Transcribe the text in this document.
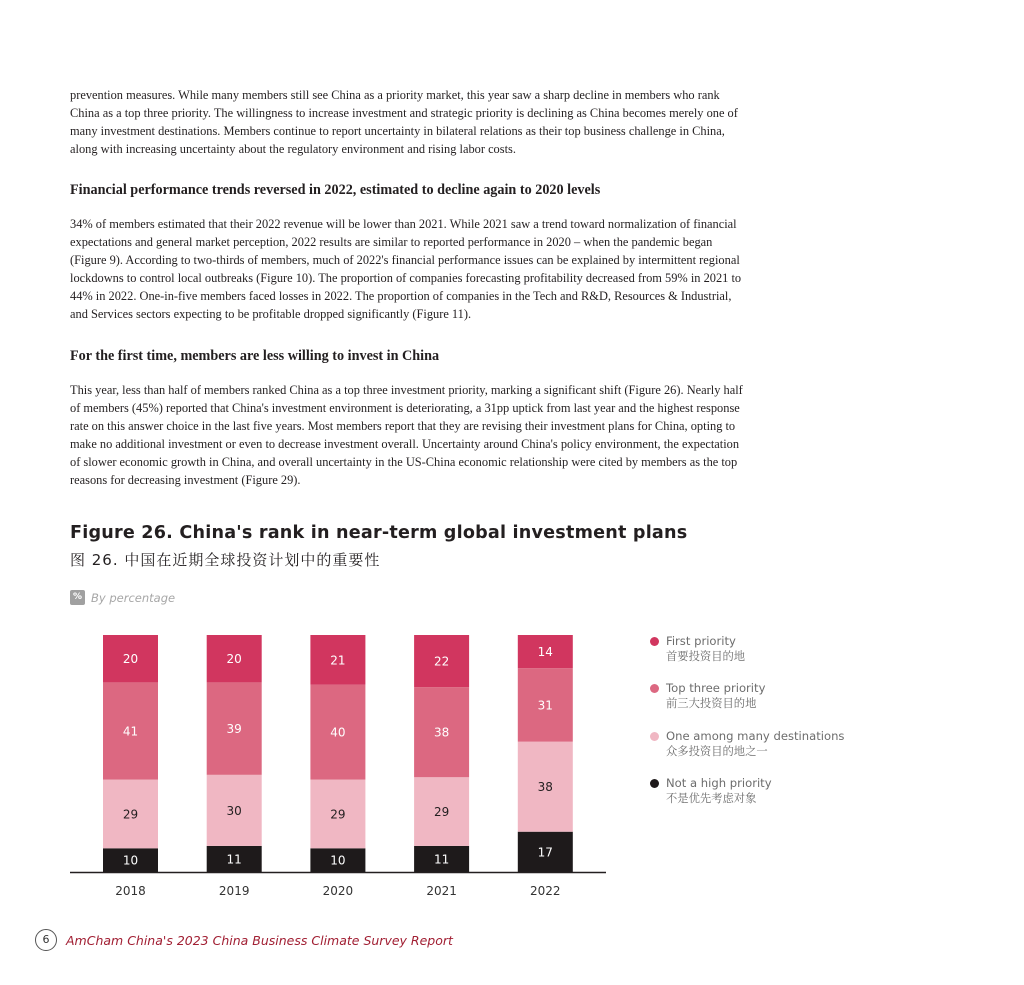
prevention measures. While many members still see China as a priority market, this year saw a sharp decline in members who rank China as a top three priority. The willingness to increase investment and strategic priority is declining as China becomes merely one of many investment destinations. Members continue to report uncertainty in bilateral relations as their top business challenge in China, along with increasing uncertainty about the regulatory environment and rising labor costs.

Financial performance trends reversed in 2022, estimated to decline again to 2020 levels

34% of members estimated that their 2022 revenue will be lower than 2021. While 2021 saw a trend toward normalization of financial expectations and general market perception, 2022 results are similar to reported performance in 2020 – when the pandemic began (Figure 9). According to two-thirds of members, much of 2022's financial performance issues can be explained by intermittent regional lockdowns to control local outbreaks (Figure 10). The proportion of companies forecasting profitability decreased from 59% in 2021 to 44% in 2022. One-in-five members faced losses in 2022. The proportion of companies in the Tech and R&D, Resources & Industrial, and Services sectors expecting to be profitable dropped significantly (Figure 11).

For the first time, members are less willing to invest in China

This year, less than half of members ranked China as a top three investment priority, marking a significant shift (Figure 26). Nearly half of members (45%) reported that China's investment environment is deteriorating, a 31pp uptick from last year and the highest response rate on this answer choice in the last five years. Most members report that they are revising their investment plans for China, opting to make no additional investment or even to decrease investment overall. Uncertainty around China's policy environment, the expectation of slower economic growth in China, and overall uncertainty in the US-China economic relationship were cited by members as the top reasons for decreasing investment (Figure 29).

Figure 26. China's rank in near-term global investment plans

图 26. 中国在近期全球投资计划中的重要性

% By percentage
10
29
41
20
11
30
39
20
10
29
40
21
11
29
38
22
17
38
31
14
2018	2019	2020	2021	2022
First priority
首要投资目的地
Top three priority
前三大投资目的地
One among many destinations
众多投资目的地之一
Not a high priority
不是优先考虑对象
6	AmCham China's 2023 China Business Climate Survey Report
